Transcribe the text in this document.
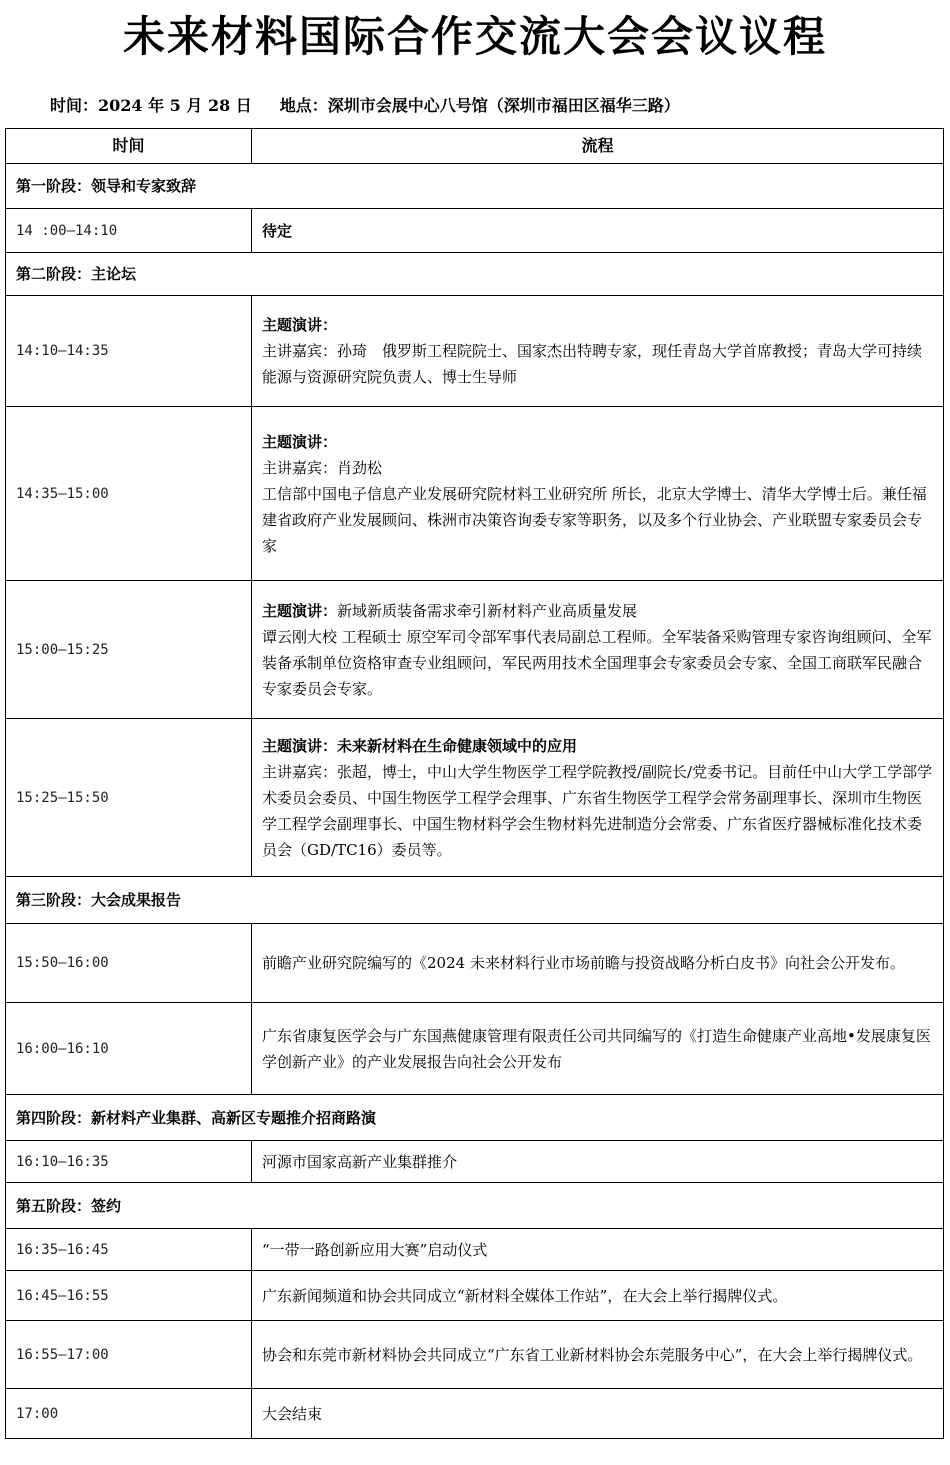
未来材料国际合作交流大会会议议程
时间：2024 年 5 月 28 日 地点：深圳市会展中心八号馆（深圳市福田区福华三路）
时间	流程
第一阶段：领导和专家致辞	
14 :00—14:10	待定
第二阶段：主论坛	
14:10—14:35	主题演讲：
主讲嘉宾：孙琦　俄罗斯工程院院士、国家杰出特聘专家，现任青岛大学首席教授；青岛大学可持续能源与资源研究院负责人、博士生导师

14:35—15:00	主题演讲：
主讲嘉宾：肖劲松
工信部中国电子信息产业发展研究院材料工业研究所 所长，北京大学博士、清华大学博士后。兼任福建省政府产业发展顾问、株洲市决策咨询委专家等职务，以及多个行业协会、产业联盟专家委员会专家

15:00—15:25	主题演讲：新域新质装备需求牵引新材料产业高质量发展
谭云刚大校 工程硕士 原空军司令部军事代表局副总工程师。全军装备采购管理专家咨询组顾问、全军装备承制单位资格审查专业组顾问，军民两用技术全国理事会专家委员会专家、全国工商联军民融合专家委员会专家。

15:25—15:50	主题演讲：未来新材料在生命健康领域中的应用
主讲嘉宾：张超，博士，中山大学生物医学工程学院教授/副院长/党委书记。目前任中山大学工学部学术委员会委员、中国生物医学工程学会理事、广东省生物医学工程学会常务副理事长、深圳市生物医学工程学会副理事长、中国生物材料学会生物材料先进制造分会常委、广东省医疗器械标准化技术委员会（GD/TC16）委员等。

第三阶段：大会成果报告	
15:50—16:00	前瞻产业研究院编写的《2024 未来材料行业市场前瞻与投资战略分析白皮书》向社会公开发布。
16:00—16:10	广东省康复医学会与广东国燕健康管理有限责任公司共同编写的《打造生命健康产业高地•发展康复医学创新产业》的产业发展报告向社会公开发布
第四阶段：新材料产业集群、高新区专题推介招商路演	
16:10—16:35	河源市国家高新产业集群推介
第五阶段：签约	
16:35—16:45	“一带一路创新应用大赛”启动仪式
16:45—16:55	广东新闻频道和协会共同成立“新材料全媒体工作站”，在大会上举行揭牌仪式。
16:55—17:00	协会和东莞市新材料协会共同成立“广东省工业新材料协会东莞服务中心”，在大会上举行揭牌仪式。
17:00	大会结束
